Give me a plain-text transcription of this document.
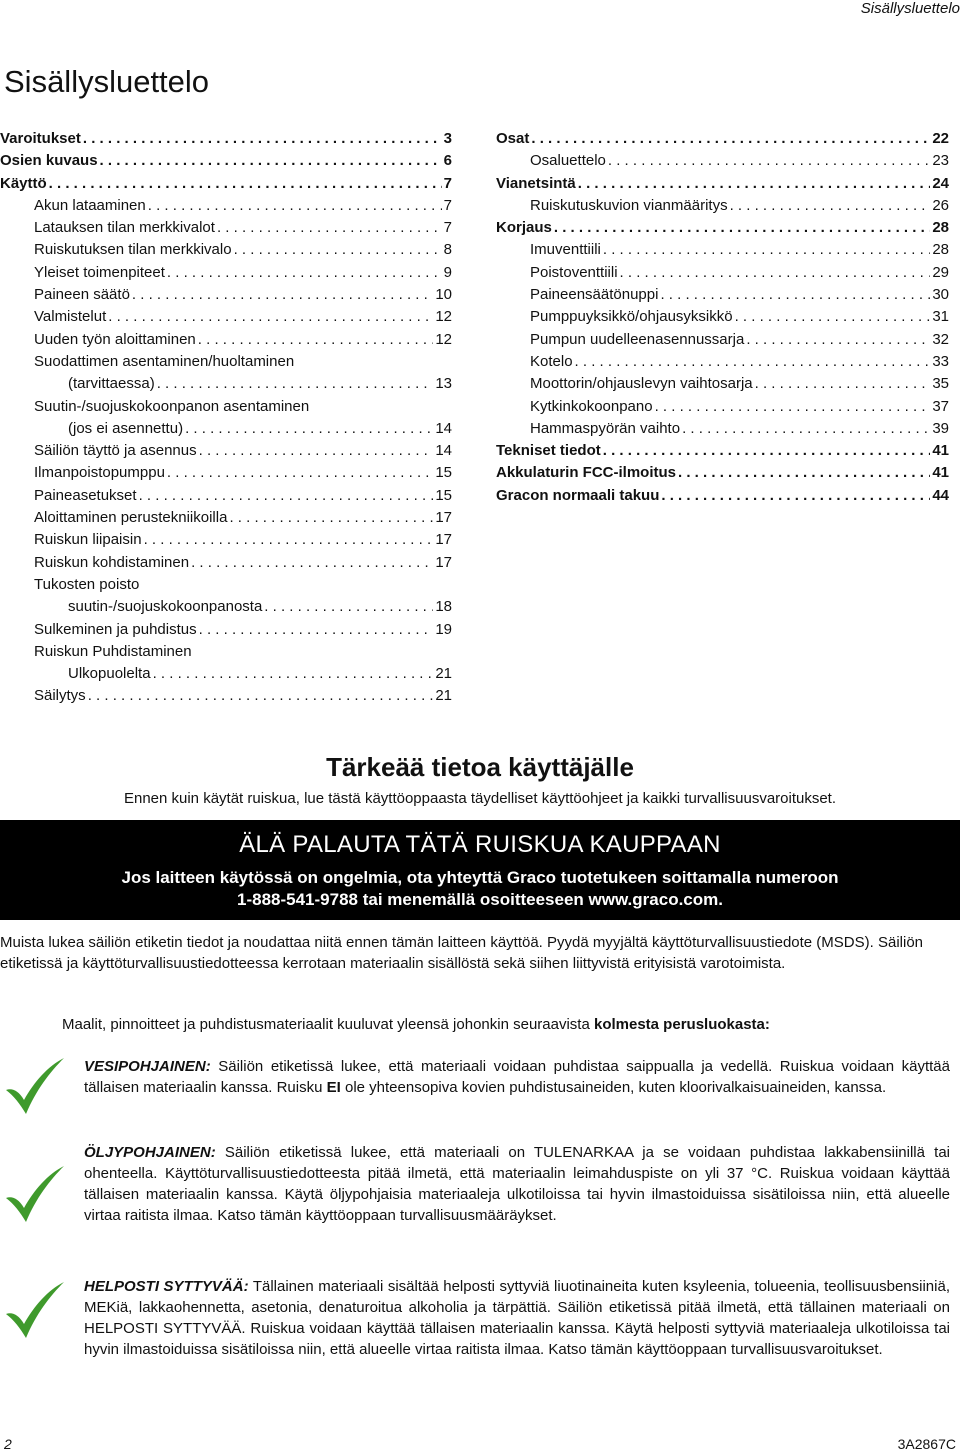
Sisällysluettelo
Sisällysluettelo
Varoitukset . . .	3
Osien kuvaus . . .	6
Käyttö . . .	7
Akun lataaminen . . .	7
Latauksen tilan merkkivalot . . .	7
Ruiskutuksen tilan merkkivalo . . .	8
Yleiset toimenpiteet . . .	9
Paineen säätö . . .	10
Valmistelut . . .	12
Uuden työn aloittaminen . . .	12
Suodattimen asentaminen/huoltaminen
(tarvittaessa) . . .	13
Suutin-/suojuskokoonpanon asentaminen
(jos ei asennettu) . . .	14
Säiliön täyttö ja asennus . . .	14
Ilmanpoistopumppu . . .	15
Paineasetukset . . .	15
Aloittaminen perustekniikoilla . . .	17
Ruiskun liipaisin . . .	17
Ruiskun kohdistaminen . . .	17
Tukosten poisto
suutin-/suojuskokoonpanosta . . .	18
Sulkeminen ja puhdistus . . .	19
Ruiskun Puhdistaminen
Ulkopuolelta . . .	21
Säilytys . . .	21
Osat . . .	22
Osaluettelo . . .	23
Vianetsintä . . .	24
Ruiskutuskuvion vianmääritys . . .	26
Korjaus . . .	28
Imuventtiili . . .	28
Poistoventtiili . . .	29
Paineensäätönuppi . . .	30
Pumppuyksikkö/ohjausyksikkö . . .	31
Pumpun uudelleenasennussarja . . .	32
Kotelo . . .	33
Moottorin/ohjauslevyn vaihtosarja . . .	35
Kytkinkokoonpano . . .	37
Hammaspyörän vaihto . . .	39
Tekniset tiedot . . .	41
Akkulaturin FCC-ilmoitus . . .	41
Gracon normaali takuu . . .	44
Tärkeää tietoa käyttäjälle
Ennen kuin käytät ruiskua, lue tästä käyttöoppaasta täydelliset käyttöohjeet ja kaikki turvallisuusvaroitukset.
ÄLÄ PALAUTA TÄTÄ RUISKUA KAUPPAAN
Jos laitteen käytössä on ongelmia, ota yhteyttä Graco tuotetukeen soittamalla numeroon
1-888-541-9788 tai menemällä osoitteeseen www.graco.com.
Muista lukea säiliön etiketin tiedot ja noudattaa niitä ennen tämän laitteen käyttöä. Pyydä myyjältä käyttöturvallisuustiedote (MSDS). Säiliön etiketissä ja käyttöturvallisuustiedotteessa kerrotaan materiaalin sisällöstä sekä siihen liittyvistä erityisistä varotoimista.
Maalit, pinnoitteet ja puhdistusmateriaalit kuuluvat yleensä johonkin seuraavista kolmesta perusluokasta:
VESIPOHJAINEN: Säiliön etiketissä lukee, että materiaali voidaan puhdistaa saippualla ja vedellä. Ruiskua voidaan käyttää tällaisen materiaalin kanssa. Ruisku EI ole yhteensopiva kovien puhdistusaineiden, kuten kloorivalkaisuaineiden, kanssa.
ÖLJYPOHJAINEN: Säiliön etiketissä lukee, että materiaali on TULENARKAA ja se voidaan puhdistaa lakkabensiinillä tai ohenteella. Käyttöturvallisuustiedotteesta pitää ilmetä, että materiaalin leimahduspiste on yli 37 °C. Ruiskua voidaan käyttää tällaisen materiaalin kanssa. Käytä öljypohjaisia materiaaleja ulkotiloissa tai hyvin ilmastoiduissa sisätiloissa niin, että alueelle virtaa raitista ilmaa. Katso tämän käyttöoppaan turvallisuusmääräykset.
HELPOSTI SYTTYVÄÄ: Tällainen materiaali sisältää helposti syttyviä liuotinaineita kuten ksyleenia, tolueenia, teollisuusbensiiniä, MEKiä, lakkaohennetta, asetonia, denaturoitua alkoholia ja tärpättiä. Säiliön etiketissä pitää ilmetä, että tällainen materiaali on HELPOSTI SYTTYVÄÄ. Ruiskua voidaan käyttää tällaisen materiaalin kanssa. Käytä helposti syttyviä materiaaleja ulkotiloissa tai hyvin ilmastoiduissa sisätiloissa niin, että alueelle virtaa raitista ilmaa. Katso tämän käyttöoppaan turvallisuusvaroitukset.
2	3A2867C
